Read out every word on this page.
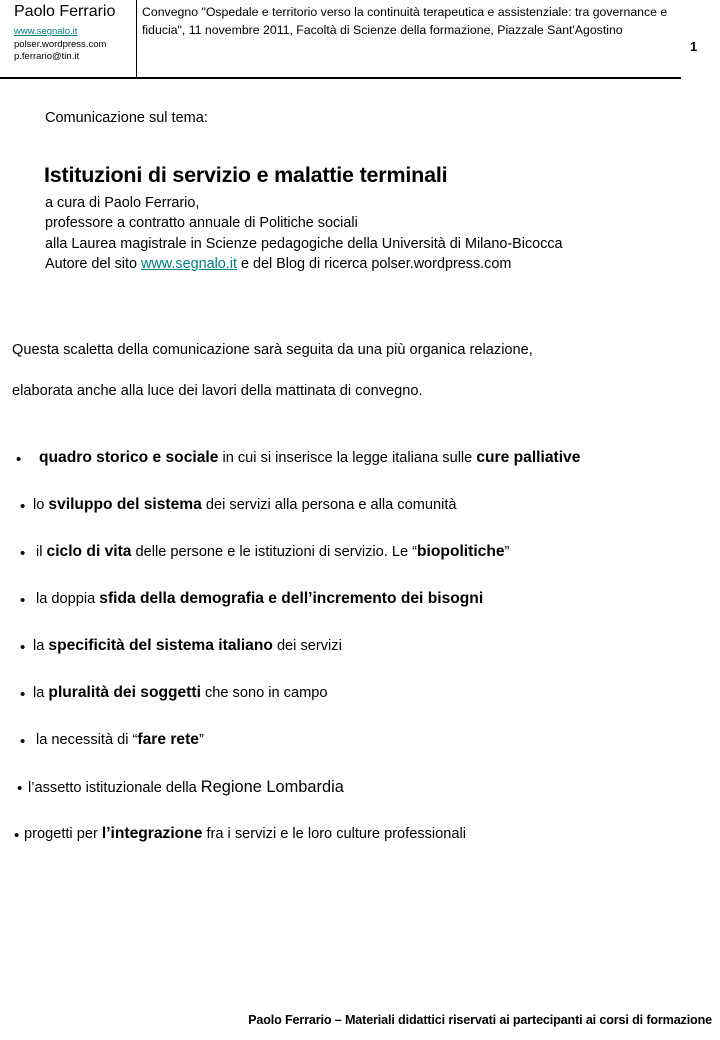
Paolo Ferrario
www.segnalo.it
polser.wordpress.com
p.ferrario@tin.it
Convegno "Ospedale e territorio verso la continuità terapeutica e assistenziale: tra governance e fiducia", 11 novembre 2011, Facoltà di Scienze della formazione, Piazzale Sant'Agostino
1
Comunicazione sul tema:
Istituzioni di servizio e malattie terminali
a cura di Paolo Ferrario,
professore a contratto annuale di Politiche sociali
alla Laurea magistrale in Scienze pedagogiche della Università di Milano-Bicocca
Autore del sito www.segnalo.it e del Blog di ricerca polser.wordpress.com
Questa scaletta della comunicazione sarà seguita da una più organica relazione,
elaborata anche alla luce dei lavori della mattinata di convegno.
• quadro storico e sociale in cui si inserisce la legge italiana sulle cure palliative
• lo sviluppo del sistema dei servizi alla persona e alla comunità
• il ciclo di vita delle persone e le istituzioni di servizio. Le “biopolitiche”
• la doppia sfida della demografia e dell’incremento dei bisogni
• la specificità del sistema italiano dei servizi
• la pluralità dei soggetti che sono in campo
• la necessità di “fare rete”
• l’assetto istituzionale della Regione Lombardia
• progetti per l’integrazione fra i servizi e le loro culture professionali
Paolo Ferrario – Materiali didattici riservati ai partecipanti ai corsi di formazione
